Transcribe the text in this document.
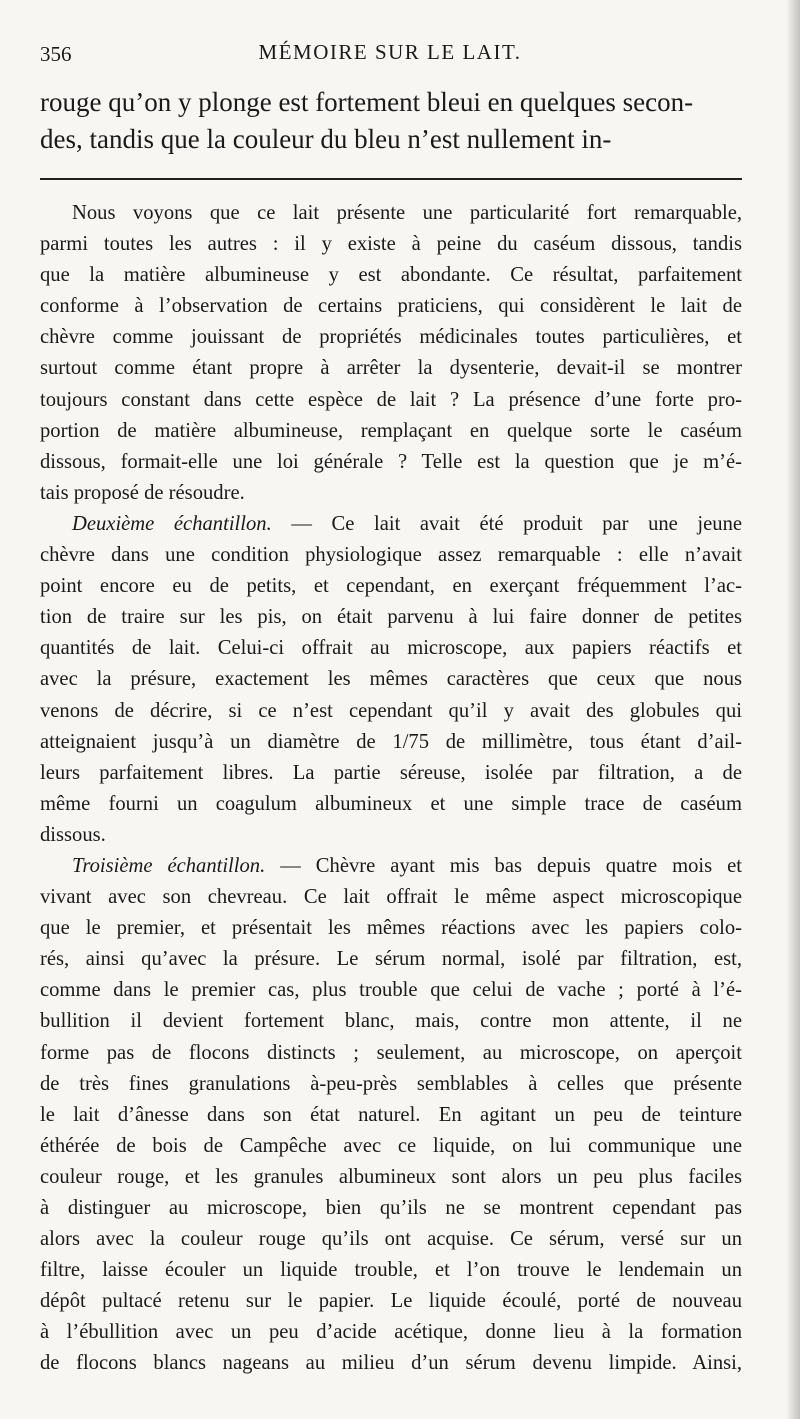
356	MÉMOIRE SUR LE LAIT.
rouge qu’on y plonge est fortement bleui en quelques secon-
des, tandis que la couleur du bleu n’est nullement in-
Nous voyons que ce lait présente une particularité fort remarquable,
parmi toutes les autres : il y existe à peine du caséum dissous, tandis
que la matière albumineuse y est abondante. Ce résultat, parfaitement
conforme à l’observation de certains praticiens, qui considèrent le lait de
chèvre comme jouissant de propriétés médicinales toutes particulières, et
surtout comme étant propre à arrêter la dysenterie, devait-il se montrer
toujours constant dans cette espèce de lait ? La présence d’une forte pro-
portion de matière albumineuse, remplaçant en quelque sorte le caséum
dissous, formait-elle une loi générale ? Telle est la question que je m’é-
tais proposé de résoudre.
Deuxième échantillon. — Ce lait avait été produit par une jeune
chèvre dans une condition physiologique assez remarquable : elle n’avait
point encore eu de petits, et cependant, en exerçant fréquemment l’ac-
tion de traire sur les pis, on était parvenu à lui faire donner de petites
quantités de lait. Celui-ci offrait au microscope, aux papiers réactifs et
avec la présure, exactement les mêmes caractères que ceux que nous
venons de décrire, si ce n’est cependant qu’il y avait des globules qui
atteignaient jusqu’à un diamètre de 1/75 de millimètre, tous étant d’ail-
leurs parfaitement libres. La partie séreuse, isolée par filtration, a de
même fourni un coagulum albumineux et une simple trace de caséum
dissous.
Troisième échantillon. — Chèvre ayant mis bas depuis quatre mois et
vivant avec son chevreau. Ce lait offrait le même aspect microscopique
que le premier, et présentait les mêmes réactions avec les papiers colo-
rés, ainsi qu’avec la présure. Le sérum normal, isolé par filtration, est,
comme dans le premier cas, plus trouble que celui de vache ; porté à l’é-
bullition il devient fortement blanc, mais, contre mon attente, il ne
forme pas de flocons distincts ; seulement, au microscope, on aperçoit
de très fines granulations à-peu-près semblables à celles que présente
le lait d’ânesse dans son état naturel. En agitant un peu de teinture
éthérée de bois de Campêche avec ce liquide, on lui communique une
couleur rouge, et les granules albumineux sont alors un peu plus faciles
à distinguer au microscope, bien qu’ils ne se montrent cependant pas
alors avec la couleur rouge qu’ils ont acquise. Ce sérum, versé sur un
filtre, laisse écouler un liquide trouble, et l’on trouve le lendemain un
dépôt pultacé retenu sur le papier. Le liquide écoulé, porté de nouveau
à l’ébullition avec un peu d’acide acétique, donne lieu à la formation
de flocons blancs nageans au milieu d’un sérum devenu limpide. Ainsi,
